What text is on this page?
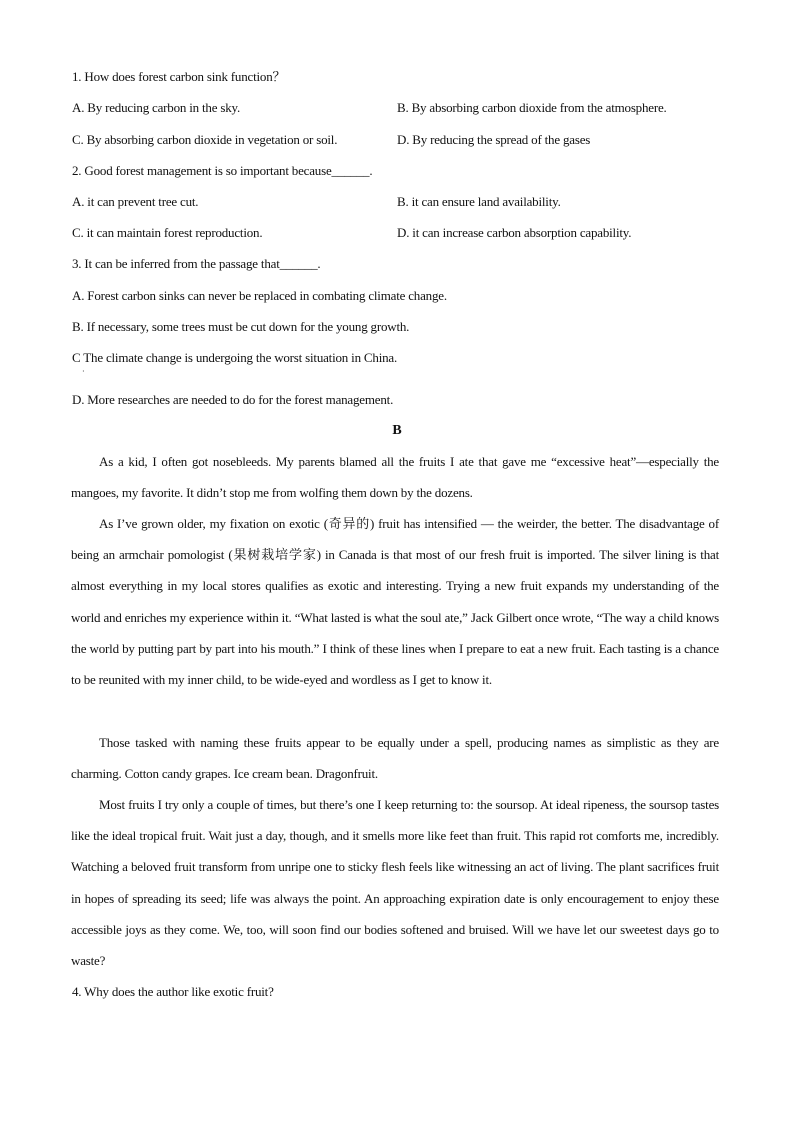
1. How does forest carbon sink function？
A. By reducing carbon in the sky.	B. By absorbing carbon dioxide from the atmosphere.
C. By absorbing carbon dioxide in vegetation or soil.	D. By reducing the spread of the gases
2. Good forest management is so important because______.
A. it can prevent tree cut.	B. it can ensure land availability.
C. it can maintain forest reproduction.	D. it can increase carbon absorption capability.
3. It can be inferred from the passage that______.
A. Forest carbon sinks can never be replaced in combating climate change.
B. If necessary, some trees must be cut down for the young growth.
C The climate change is undergoing the worst situation in China.
·
D. More researches are needed to do for the forest management.
B

As a kid, I often got nosebleeds. My parents blamed all the fruits I ate that gave me “excessive heat”—especially the mangoes, my favorite. It didn’t stop me from wolfing them down by the dozens.

As I’ve grown older, my fixation on exotic (奇异的) fruit has intensified — the weirder, the better. The disadvantage of being an armchair pomologist (果树栽培学家) in Canada is that most of our fresh fruit is imported. The silver lining is that almost everything in my local stores qualifies as exotic and interesting. Trying a new fruit expands my understanding of the world and enriches my experience within it. “What lasted is what the soul ate,” Jack Gilbert once wrote, “The way a child knows the world by putting part by part into his mouth.” I think of these lines when I prepare to eat a new fruit. Each tasting is a chance to be reunited with my inner child, to be wide-eyed and wordless as I get to know it.

Those tasked with naming these fruits appear to be equally under a spell, producing names as simplistic as they are charming. Cotton candy grapes. Ice cream bean. Dragonfruit.

Most fruits I try only a couple of times, but there’s one I keep returning to: the soursop. At ideal ripeness, the soursop tastes like the ideal tropical fruit. Wait just a day, though, and it smells more like feet than fruit. This rapid rot comforts me, incredibly. Watching a beloved fruit transform from unripe one to sticky flesh feels like witnessing an act of living. The plant sacrifices fruit in hopes of spreading its seed; life was always the point. An approaching expiration date is only encouragement to enjoy these accessible joys as they come. We, too, will soon find our bodies softened and bruised. Will we have let our sweetest days go to waste?

4. Why does the author like exotic fruit?
